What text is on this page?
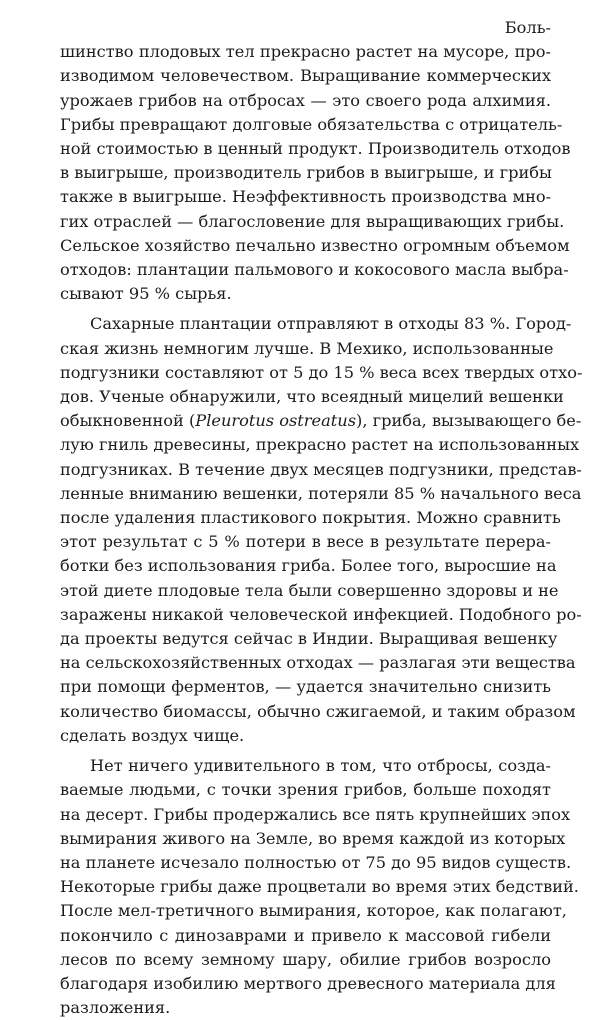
Боль-
шинство плодовых тел прекрасно растет на мусоре, про-
изводимом человечеством. Выращивание коммерческих
урожаев грибов на отбросах — это своего рода алхимия.
Грибы превращают долговые обязательства с отрицатель-
ной стоимостью в ценный продукт. Производитель отходов
в выигрыше, производитель грибов в выигрыше, и грибы
также в выигрыше. Неэффективность производства мно-
гих отраслей — благословение для выращивающих грибы.
Сельское хозяйство печально известно огромным объемом
отходов: плантации пальмового и кокосового масла выбра-
сывают 95 % сырья.

Сахарные плантации отправляют в отходы 83 %. Город-
ская жизнь немногим лучше. В Мехико, использованные
подгузники составляют от 5 до 15 % веса всех твердых отхо-
дов. Ученые обнаружили, что всеядный мицелий вешенки
обыкновенной (Pleurotus ostreatus), гриба, вызывающего бе-
лую гниль древесины, прекрасно растет на использованных
подгузниках. В течение двух месяцев подгузники, представ-
ленные вниманию вешенки, потеряли 85 % начального веса
после удаления пластикового покрытия. Можно сравнить
этот результат с 5 % потери в весе в результате перера-
ботки без использования гриба. Более того, выросшие на
этой диете плодовые тела были совершенно здоровы и не
заражены никакой человеческой инфекцией. Подобного ро-
да проекты ведутся сейчас в Индии. Выращивая вешенку
на сельскохозяйственных отходах — разлагая эти вещества
при помощи ферментов, — удается значительно снизить
количество биомассы, обычно сжигаемой, и таким образом
сделать воздух чище.

Нет ничего удивительного в том, что отбросы, созда-
ваемые людьми, с точки зрения грибов, больше походят
на десерт. Грибы продержались все пять крупнейших эпох
вымирания живого на Земле, во время каждой из которых
на планете исчезало полностью от 75 до 95 видов существ.
Некоторые грибы даже процветали во время этих бедствий.
После мел-третичного вымирания, которое, как полагают,
покончило с динозаврами и привело к массовой гибели
лесов по всему земному шару, обилие грибов возросло
благодаря изобилию мертвого древесного материала для
разложения.
